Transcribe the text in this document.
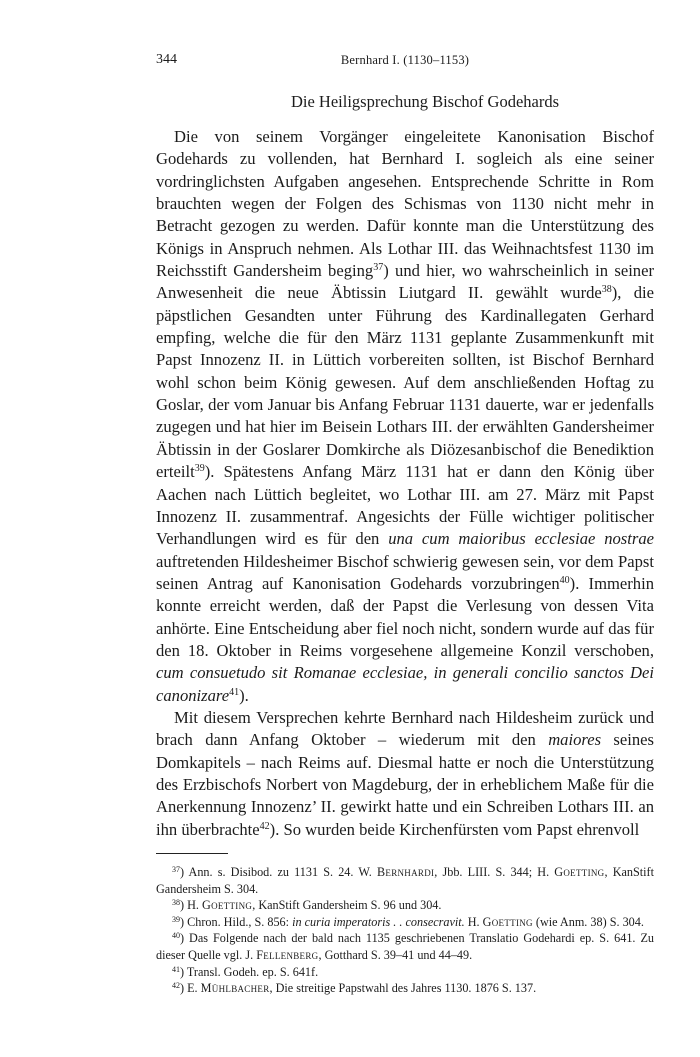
344	Bernhard I. (1130–1153)
Die Heiligsprechung Bischof Godehards

Die von seinem Vorgänger eingeleitete Kanonisation Bischof Godehards zu vollenden, hat Bernhard I. sogleich als eine seiner vordringlichsten Aufgaben angesehen. Entsprechende Schritte in Rom brauchten wegen der Folgen des Schismas von 1130 nicht mehr in Betracht gezogen zu werden. Dafür konnte man die Unterstützung des Königs in Anspruch nehmen. Als Lothar III. das Weihnachtsfest 1130 im Reichsstift Gandersheim beging$^{37}$) und hier, wo wahrscheinlich in seiner Anwesenheit die neue Äbtissin Liutgard II. gewählt wurde$^{38}$), die päpstlichen Gesandten unter Führung des Kardinallegaten Gerhard empfing, welche die für den März 1131 geplante Zusammenkunft mit Papst Innozenz II. in Lüttich vorbereiten sollten, ist Bischof Bernhard wohl schon beim König gewesen. Auf dem anschließenden Hoftag zu Goslar, der vom Januar bis Anfang Februar 1131 dauerte, war er jedenfalls zugegen und hat hier im Beisein Lothars III. der erwählten Gandersheimer Äbtissin in der Goslarer Domkirche als Diözesanbischof die Benediktion erteilt$^{39}$). Spätestens Anfang März 1131 hat er dann den König über Aachen nach Lüttich begleitet, wo Lothar III. am 27. März mit Papst Innozenz II. zusammentraf. Angesichts der Fülle wichtiger politischer Verhandlungen wird es für den una cum maioribus ecclesiae nostrae auftretenden Hildesheimer Bischof schwierig gewesen sein, vor dem Papst seinen Antrag auf Kanonisation Godehards vorzubringen$^{40}$). Immerhin konnte erreicht werden, daß der Papst die Verlesung von dessen Vita anhörte. Eine Entscheidung aber fiel noch nicht, sondern wurde auf das für den 18. Oktober in Reims vorgesehene allgemeine Konzil verschoben, cum consuetudo sit Romanae ecclesiae, in generali concilio sanctos Dei canonizare$^{41}$).

Mit diesem Versprechen kehrte Bernhard nach Hildesheim zurück und brach dann Anfang Oktober – wiederum mit den maiores seines Domkapitels – nach Reims auf. Diesmal hatte er noch die Unterstützung des Erzbischofs Norbert von Magdeburg, der in erheblichem Maße für die Anerkennung Innozenz’ II. gewirkt hatte und ein Schreiben Lothars III. an ihn überbrachte$^{42}$). So wurden beide Kirchenfürsten vom Papst ehrenvoll

$^{37}$) Ann. s. Disibod. zu 1131 S. 24. W. Bernhardi, Jbb. LIII. S. 344; H. Goetting, KanStift Gandersheim S. 304.

$^{38}$) H. Goetting, KanStift Gandersheim S. 96 und 304.

$^{39}$) Chron. Hild., S. 856: in curia imperatoris . . consecravit. H. Goetting (wie Anm. 38) S. 304.

$^{40}$) Das Folgende nach der bald nach 1135 geschriebenen Translatio Godehardi ep. S. 641. Zu dieser Quelle vgl. J. Fellenberg, Gotthard S. 39–41 und 44–49.

$^{41}$) Transl. Godeh. ep. S. 641f.

$^{42}$) E. Mühlbacher, Die streitige Papstwahl des Jahres 1130. 1876 S. 137.
